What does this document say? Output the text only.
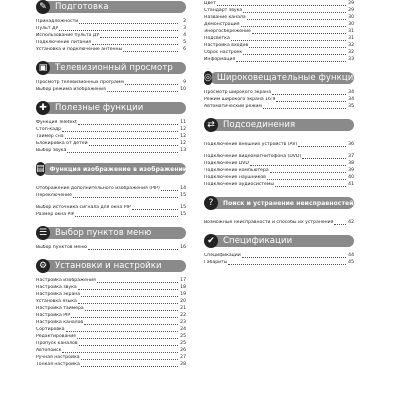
✎ Подготовка
Принадлежности	2
Пульт ДУ	3
Использование пульта ДУ	4
Подключение питания	5
Установка и подключение антенны	6
▣ Телевизионный просмотр
Просмотр телевизионных программ	9
Выбор режима изображения	10
✚ Полезные функции
Функция Teletext	11
Стоп-кадр	12
Таймер сна	12
Блокировка от детей	12
Выбор звука	13
▤ Функция изображение в изображении (PIP)
Отображение дополнительного изображения (PIP)	14
Переключение	15
Выбор источника сигнала для окна PIP	15
Размер окна PIP	15
☰ Выбор пунктов меню
Выбор пунктов меню	16
⚙ Установки и настройки
Настройка изображения	17
Настройка звука	18
Настройка экрана	19
Установка языка	20
Настройка таймера	21
Настройка PIP	22
Настройка каналов	23
Сортировка	24
Редактирование	25
Пропуск каналов	25
Автопоиск	26
Ручная настройка	27
Тонкая настройка	28
Цвет	29
Стандарт звука	29
Название канала	30
Демонстрация	30
Энергосбережение	31
Подсветка	31
Настройка входов	32
Сброс настроек	32
Информация	33
◎ Широковещательные функции
Просмотр широкого экрана	34
Режим широкого экрана 16:9	34
Автоматический режим	35
⇄ Подсоединения
Подключение внешних устройств (AV)	36
Подключение видеомагнитофона (DVD)	37
Подключение DVD	38
Подключение компьютера	39
Подключение наушников	40
Подключение аудиосистемы	41
?	Поиск и устранение неисправностей
Возможные неисправности и способы их устранения	42
✔ Спецификации
Спецификации	44
Габариты	45
